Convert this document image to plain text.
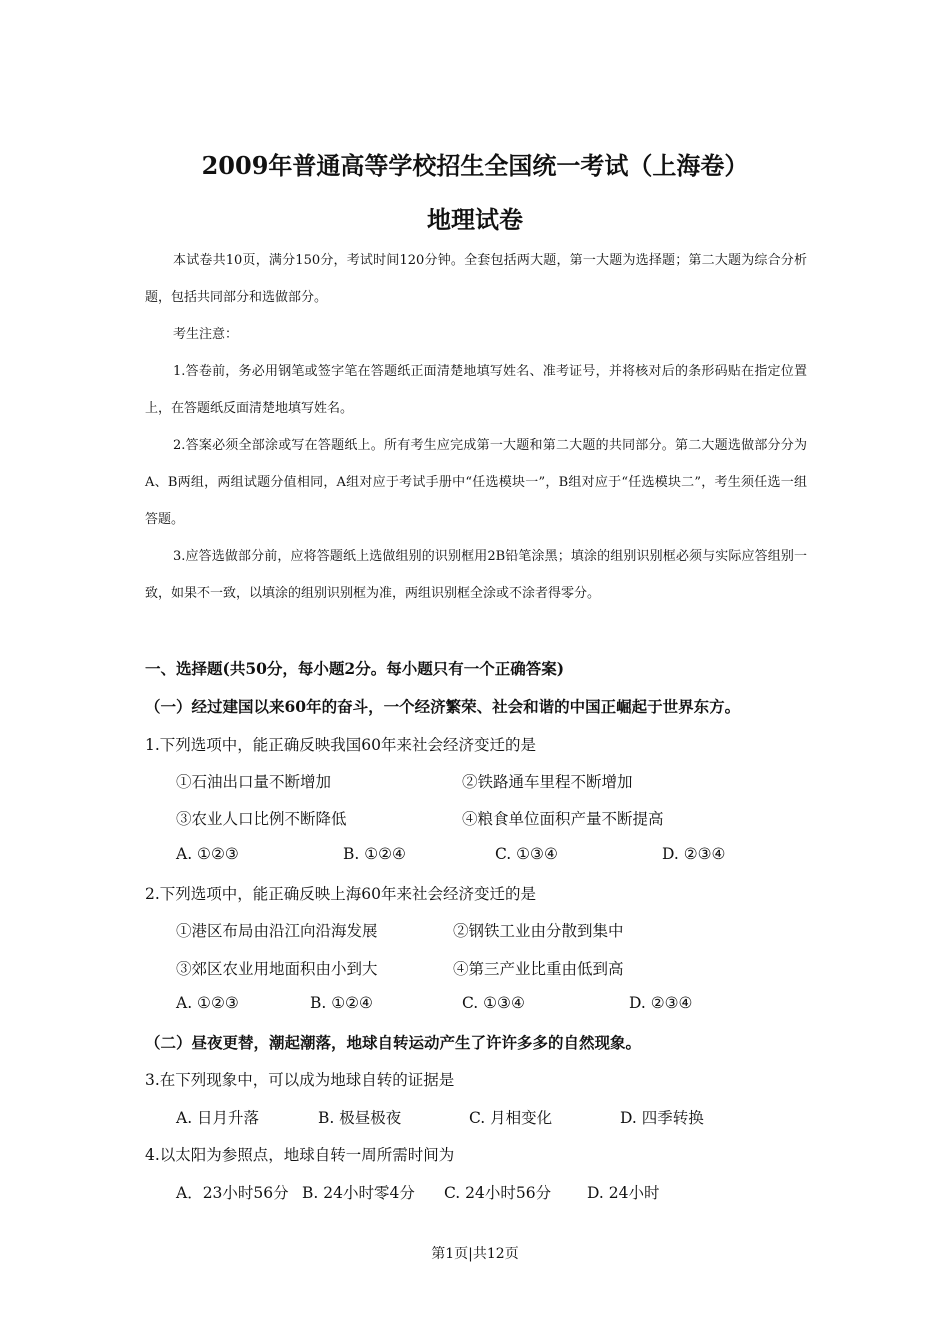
2009年普通高等学校招生全国统一考试（上海卷）
地理试卷
本试卷共10页，满分150分，考试时间120分钟。全套包括两大题，第一大题为选择题；第二大题为综合分析题，包括共同部分和选做部分。
考生注意：
1.答卷前，务必用钢笔或签字笔在答题纸正面清楚地填写姓名、准考证号，并将核对后的条形码贴在指定位置上，在答题纸反面清楚地填写姓名。
2.答案必须全部涂或写在答题纸上。所有考生应完成第一大题和第二大题的共同部分。第二大题选做部分分为A、B两组，两组试题分值相同，A组对应于考试手册中“任选模块一”，B组对应于“任选模块二”，考生须任选一组答题。
3.应答选做部分前，应将答题纸上选做组别的识别框用2B铅笔涂黑；填涂的组别识别框必须与实际应答组别一致，如果不一致，以填涂的组别识别框为准，两组识别框全涂或不涂者得零分。
一、选择题(共50分，每小题2分。每小题只有一个正确答案)
（一）经过建国以来60年的奋斗，一个经济繁荣、社会和谐的中国正崛起于世界东方。
1.下列选项中，能正确反映我国60年来社会经济变迁的是
①石油出口量不断增加	②铁路通车里程不断增加
③农业人口比例不断降低	④粮食单位面积产量不断提高
A. ①②③	B. ①②④	C. ①③④	D. ②③④
2.下列选项中，能正确反映上海60年来社会经济变迁的是
①港区布局由沿江向沿海发展	②钢铁工业由分散到集中
③郊区农业用地面积由小到大	④第三产业比重由低到高
A. ①②③	B. ①②④	C. ①③④	D. ②③④
（二）昼夜更替，潮起潮落，地球自转运动产生了许许多多的自然现象。
3.在下列现象中，可以成为地球自转的证据是
A. 日月升落	B. 极昼极夜	C. 月相变化	D. 四季转换
4.以太阳为参照点，地球自转一周所需时间为
A．23小时56分 B. 24小时零4分 C. 24小时56分 D. 24小时
第1页|共12页
